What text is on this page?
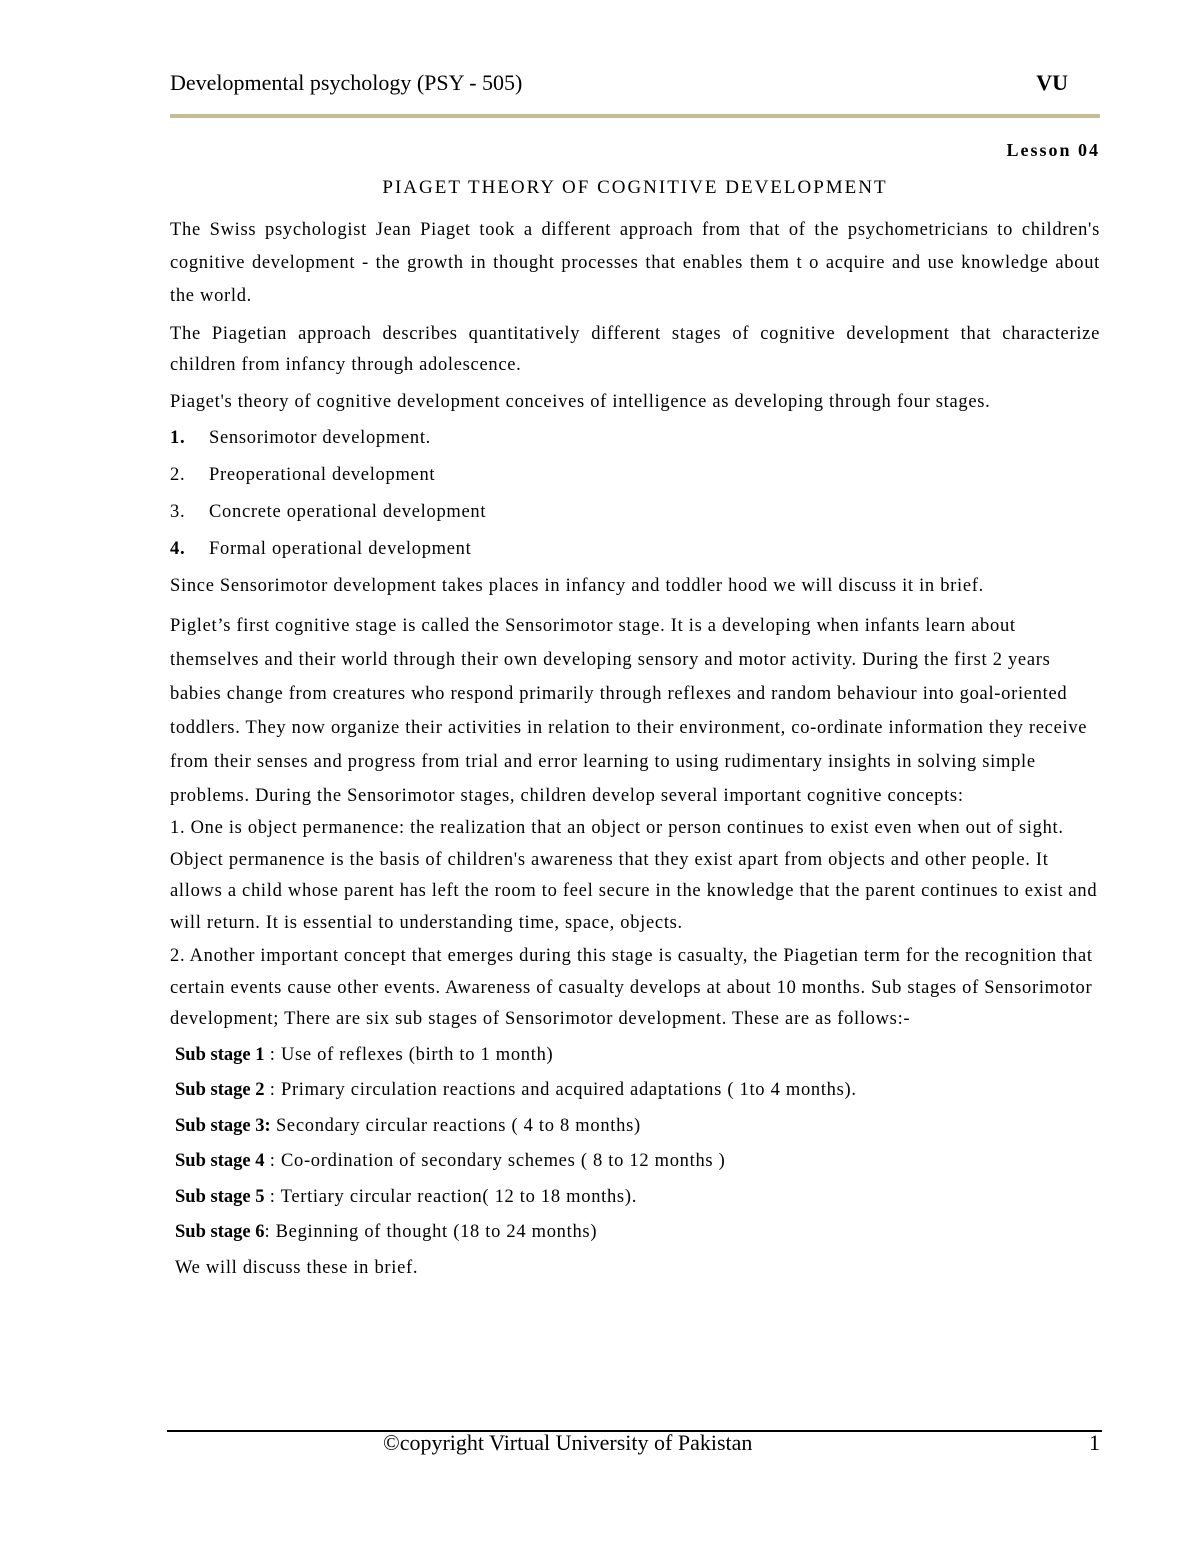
Developmental psychology (PSY - 505)	VU
Lesson 04
PIAGET THEORY OF COGNITIVE DEVELOPMENT

The Swiss psychologist Jean Piaget took a different approach from that of the psychometricians to children's cognitive development - the growth in thought processes that enables them t o acquire and use knowledge about the world.

The Piagetian approach describes quantitatively different stages of cognitive development that characterize children from infancy through adolescence.

Piaget's theory of cognitive development conceives of intelligence as developing through four stages.

1. Sensorimotor development.
2. Preoperational development
3. Concrete operational development
4. Formal operational development

Since Sensorimotor development takes places in infancy and toddler hood we will discuss it in brief.

Piglet’s first cognitive stage is called the Sensorimotor stage. It is a developing when infants learn about themselves and their world through their own developing sensory and motor activity. During the first 2 years babies change from creatures who respond primarily through reflexes and random behaviour into goal-oriented toddlers. They now organize their activities in relation to their environment, co-ordinate information they receive from their senses and progress from trial and error learning to using rudimentary insights in solving simple problems. During the Sensorimotor stages, children develop several important cognitive concepts:

1. One is object permanence: the realization that an object or person continues to exist even when out of sight. Object permanence is the basis of children's awareness that they exist apart from objects and other people. It allows a child whose parent has left the room to feel secure in the knowledge that the parent continues to exist and will return. It is essential to understanding time, space, objects.

2. Another important concept that emerges during this stage is casualty, the Piagetian term for the recognition that certain events cause other events. Awareness of casualty develops at about 10 months. Sub stages of Sensorimotor development; There are six sub stages of Sensorimotor development. These are as follows:-

Sub stage 1 : Use of reflexes (birth to 1 month)
Sub stage 2 : Primary circulation reactions and acquired adaptations ( 1to 4 months).
Sub stage 3: Secondary circular reactions ( 4 to 8 months)
Sub stage 4 : Co-ordination of secondary schemes ( 8 to 12 months )
Sub stage 5 : Tertiary circular reaction( 12 to 18 months).
Sub stage 6: Beginning of thought (18 to 24 months)
We will discuss these in brief.
©copyright Virtual University of Pakistan	1
